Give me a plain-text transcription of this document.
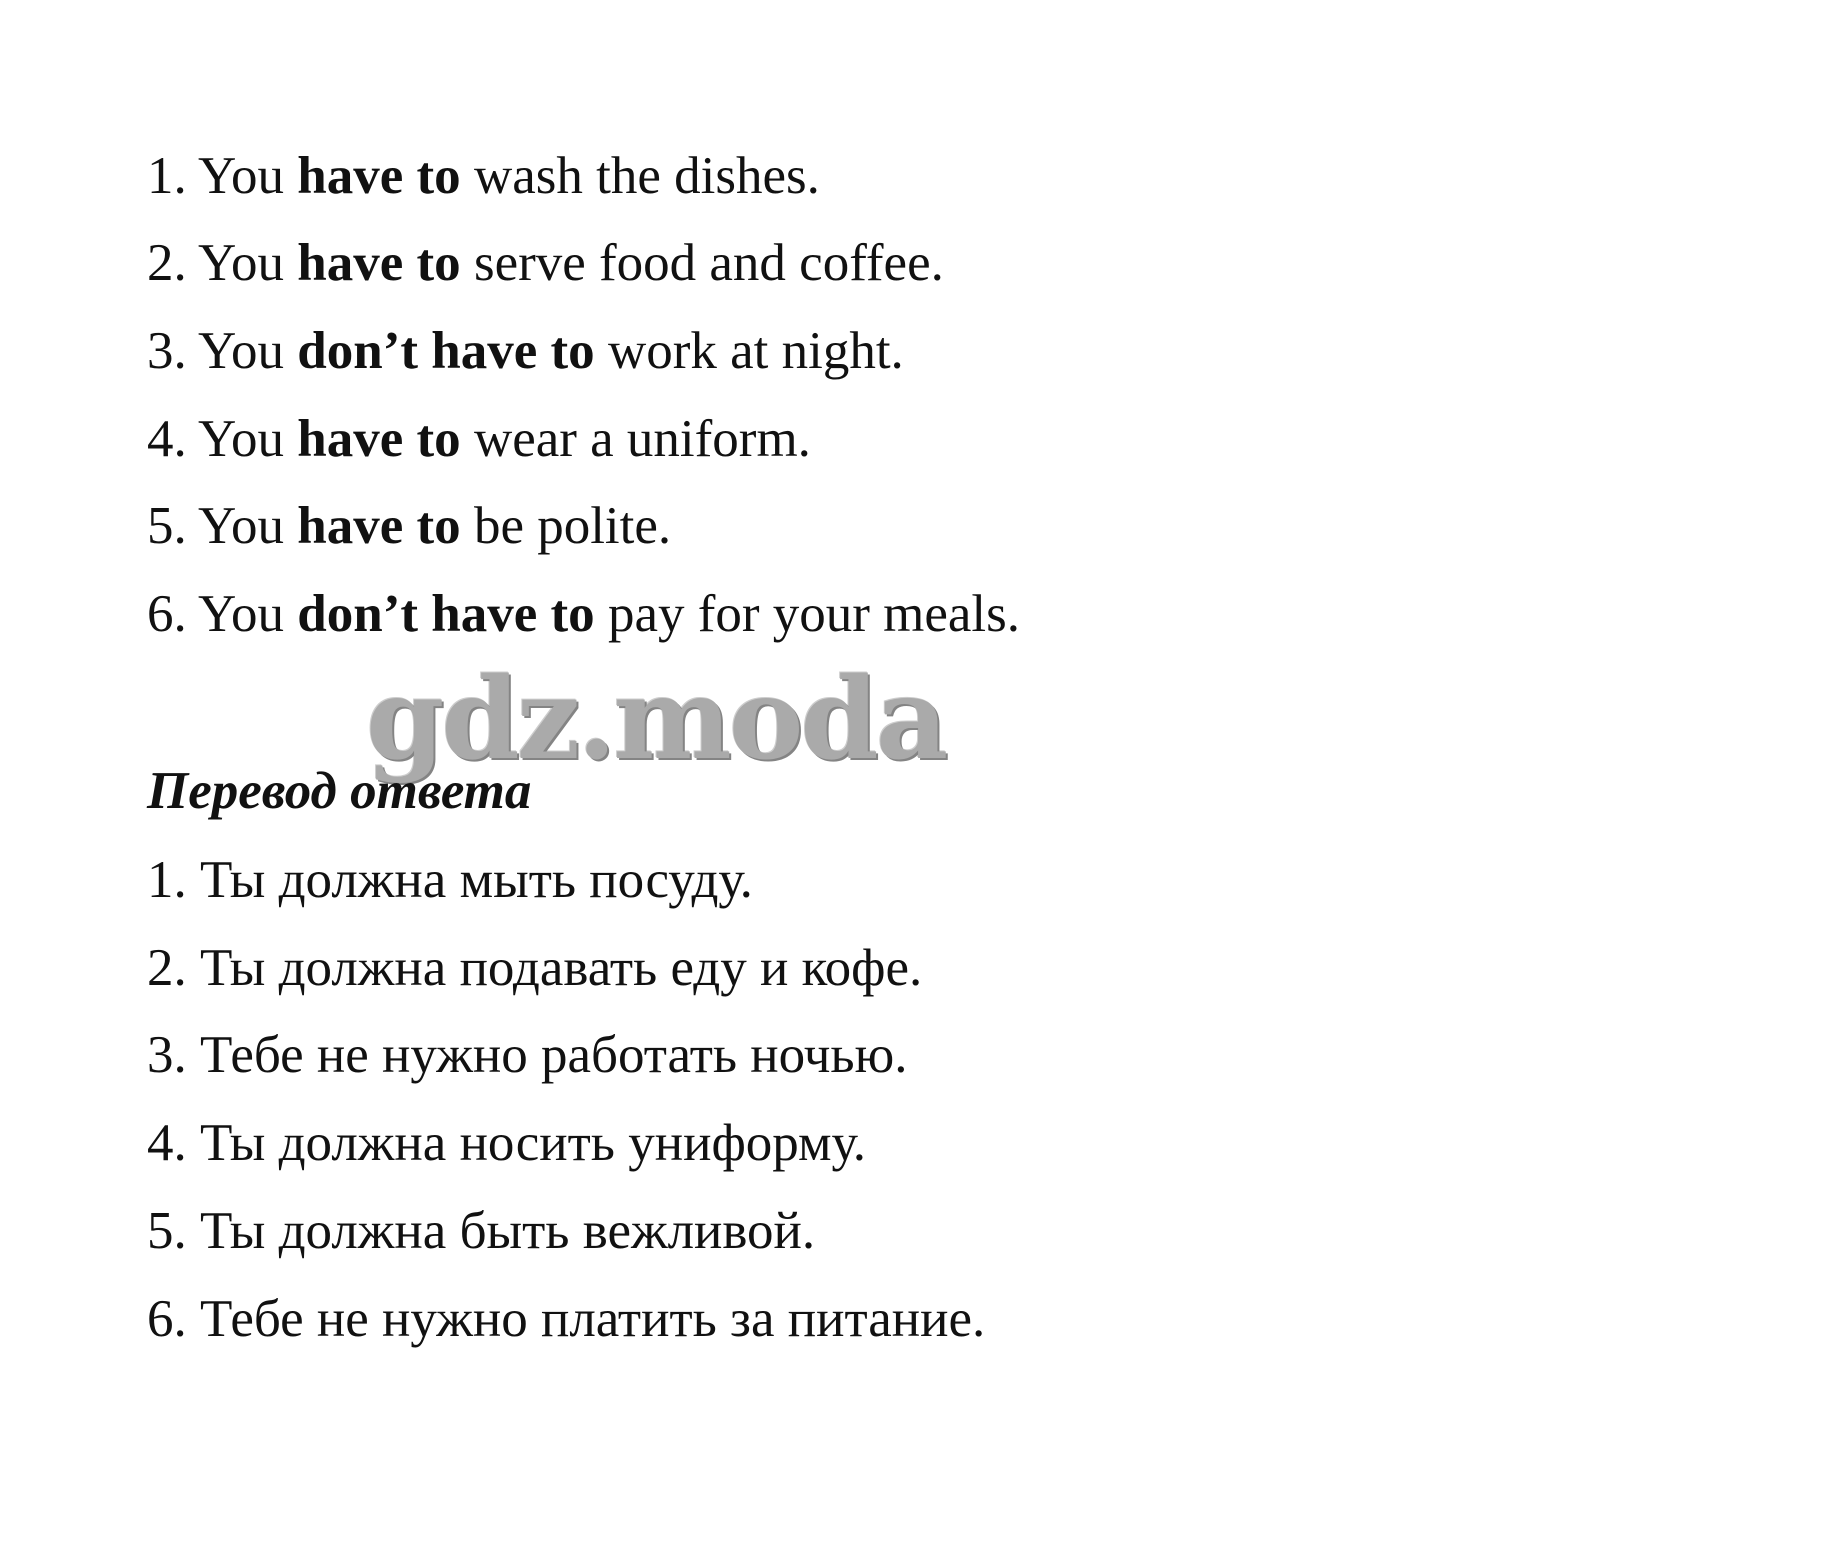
1. You have to wash the dishes.

2. You have to serve food and coffee.

3. You don’t have to work at night.

4. You have to wear a uniform.

5. You have to be polite.

6. You don’t have to pay for your meals.

gdz.moda

Перевод ответа

1. Ты должна мыть посуду.

2. Ты должна подавать еду и кофе.

3. Тебе не нужно работать ночью.

4. Ты должна носить униформу.

5. Ты должна быть вежливой.

6. Тебе не нужно платить за питание.
